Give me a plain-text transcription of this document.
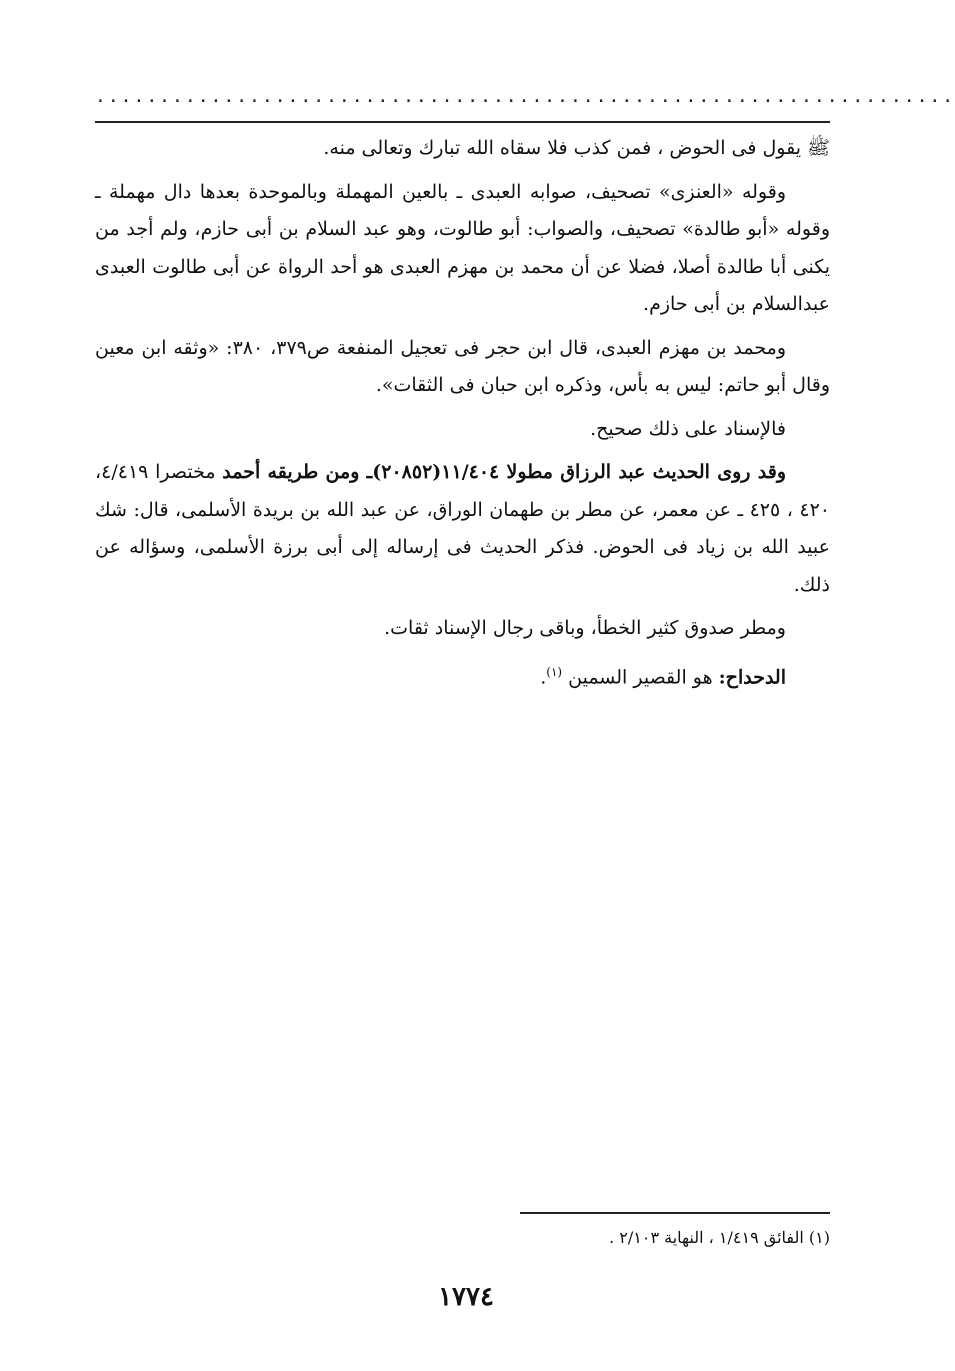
...................................................................

ﷺ يقول فى الحوض ، فمن كذب فلا سقاه الله تبارك وتعالى منه.

وقوله «العنزى» تصحيف، صوابه العبدى ـ بالعين المهملة وبالموحدة بعدها دال مهملة ـ وقوله «أبو طالدة» تصحيف، والصواب: أبو طالوت، وهو عبد السلام بن أبى حازم، ولم أجد من يكنى أبا طالدة أصلا، فضلا عن أن محمد بن مهزم العبدى هو أحد الرواة عن أبى طالوت العبدى عبدالسلام بن أبى حازم.

ومحمد بن مهزم العبدى، قال ابن حجر فى تعجيل المنفعة ص٣٧٩، ٣٨٠: «وثقه ابن معين وقال أبو حاتم: ليس به بأس، وذكره ابن حبان فى الثقات».

فالإسناد على ذلك صحيح.

وقد روى الحديث عبد الرزاق مطولا ١١/٤٠٤(٢٠٨٥٢)ـ ومن طريقه أحمد مختصرا ٤/٤١٩، ٤٢٠ ، ٤٢٥ ـ عن معمر، عن مطر بن طهمان الوراق، عن عبد الله بن بريدة الأسلمى، قال: شك عبيد الله بن زياد فى الحوض. فذكر الحديث فى إرساله إلى أبى برزة الأسلمى، وسؤاله عن ذلك.

ومطر صدوق كثير الخطأ، وباقى رجال الإسناد ثقات.

الدحداح: هو القصير السمين $^{(١)}$.

(١) الفائق ١/٤١٩ ، النهاية ٢/١٠٣ .
١٧٧٤
